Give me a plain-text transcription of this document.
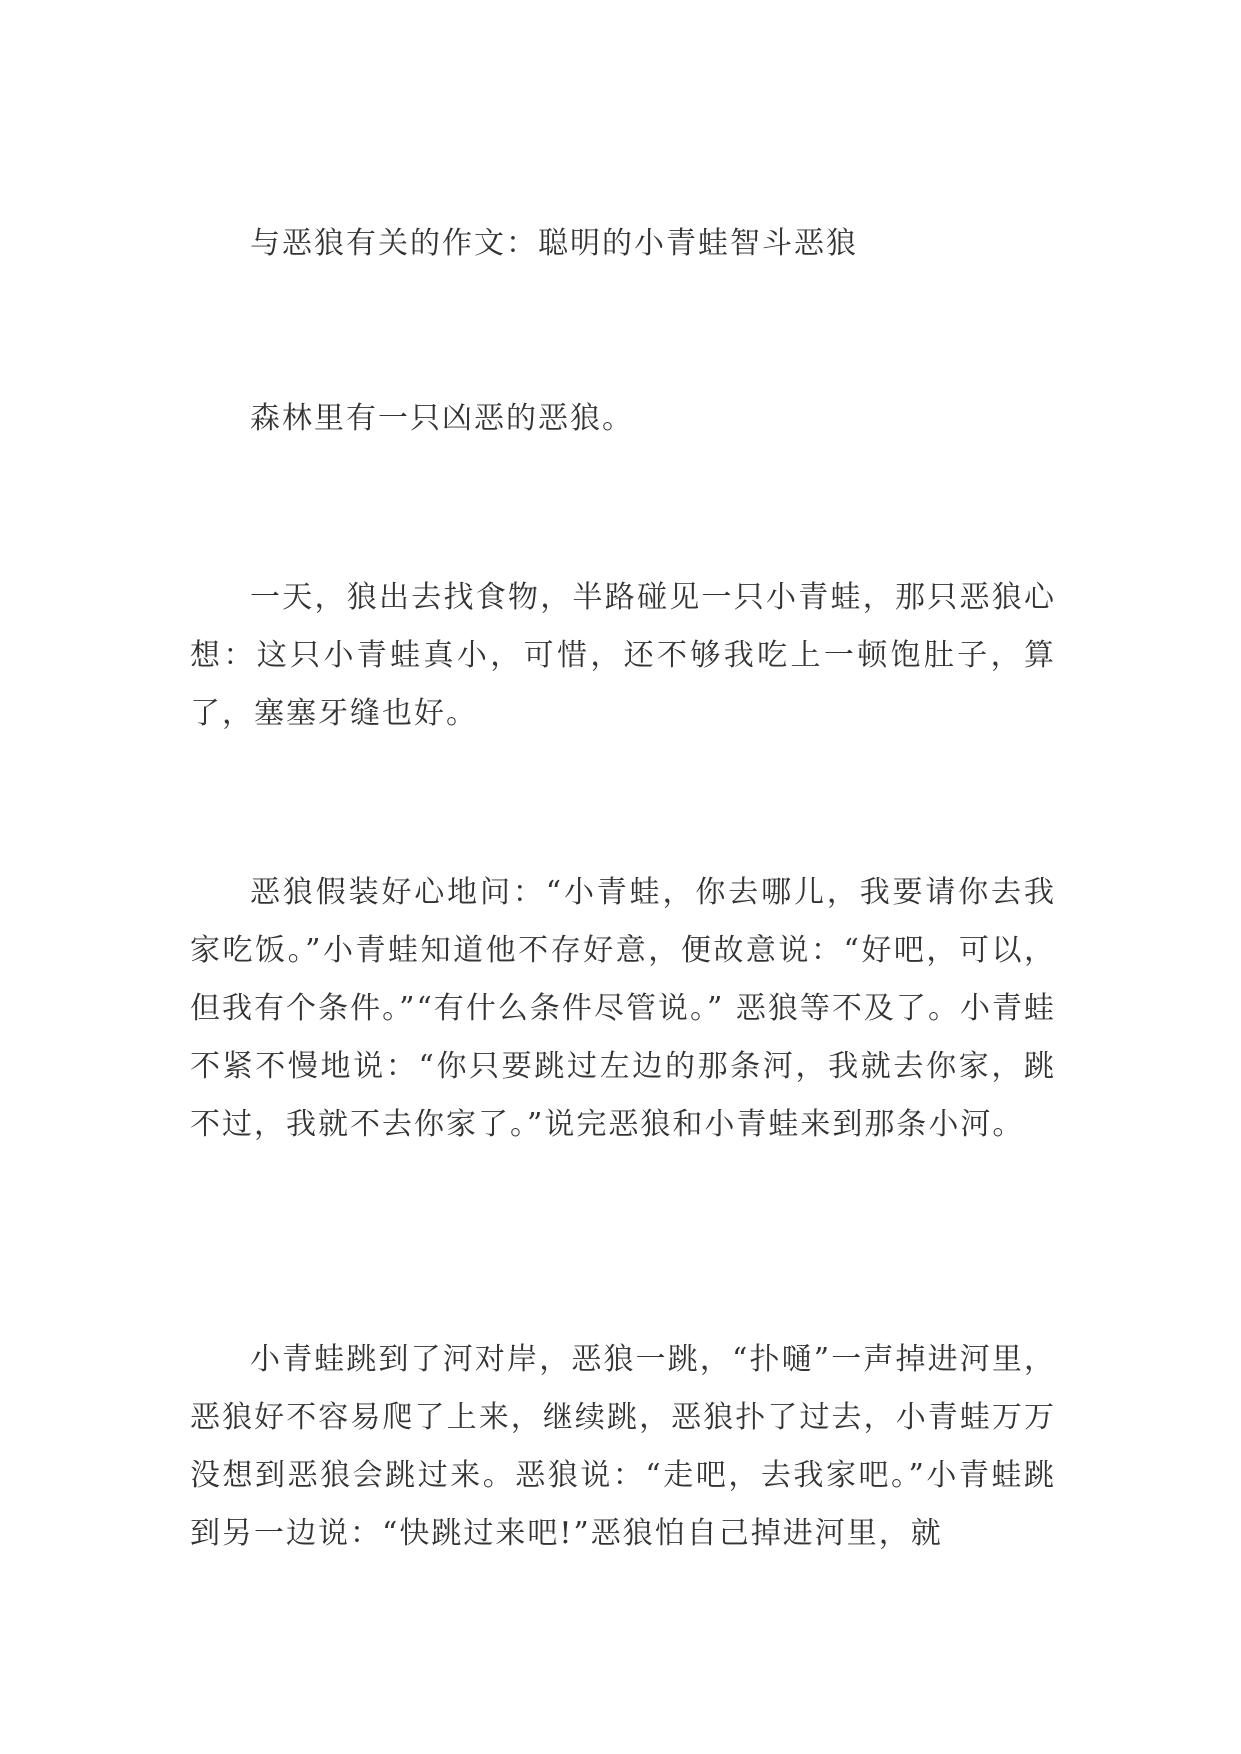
与恶狼有关的作文：聪明的小青蛙智斗恶狼

森林里有一只凶恶的恶狼。

一天，狼出去找食物，半路碰见一只小青蛙，那只恶狼心想：这只小青蛙真小，可惜，还不够我吃上一顿饱肚子，算了，塞塞牙缝也好。

恶狼假装好心地问：“小青蛙，你去哪儿，我要请你去我家吃饭。”小青蛙知道他不存好意，便故意说：“好吧，可以，但我有个条件。”“有什么条件尽管说。” 恶狼等不及了。小青蛙不紧不慢地说：“你只要跳过左边的那条河，我就去你家，跳不过，我就不去你家了。”说完恶狼和小青蛙来到那条小河。

小青蛙跳到了河对岸，恶狼一跳，“扑嗵”一声掉进河里，恶狼好不容易爬了上来，继续跳，恶狼扑了过去，小青蛙万万没想到恶狼会跳过来。恶狼说：“走吧，去我家吧。”小青蛙跳到另一边说：“快跳过来吧!”恶狼怕自己掉进河里，就
